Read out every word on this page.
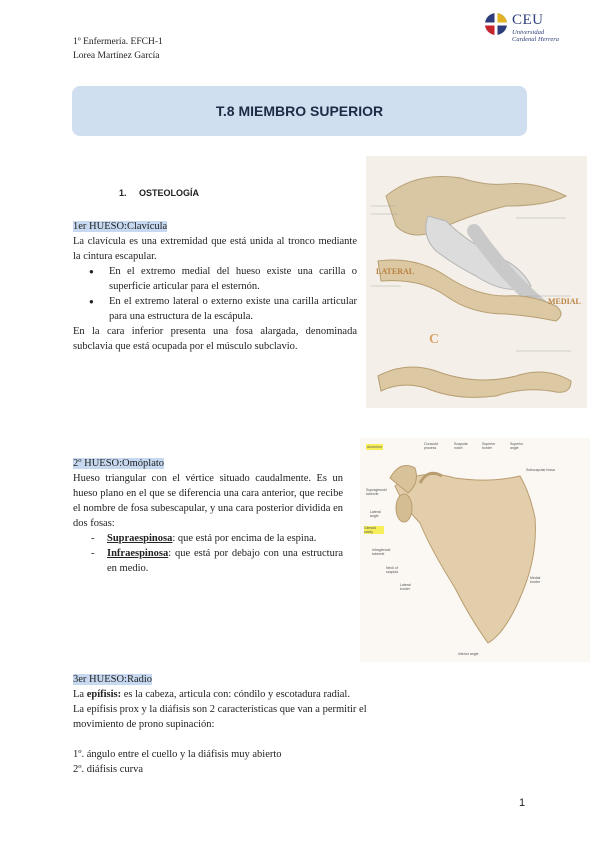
1º Enfermería. EFCH-1
Lorea Martínez García
CEU
Universidad
Cardenal Herrera
T.8 MIEMBRO SUPERIOR
1. OSTEOLOGÍA

1er HUESO:Clavícula

La clavícula es una extremidad que está unida al tronco mediante la cintura escapular.

● En el extremo medial del hueso existe una carilla o superficie articular para el esternón.
● En el extremo lateral o externo existe una carilla articular para una estructura de la escápula.

En la cara inferior presenta una fosa alargada, denominada subclavia que está ocupada por el músculo subclavio.

LATERAL
MEDIAL
C

2º HUESO:Omóplato

Hueso triangular con el vértice situado caudalmente. Es un hueso plano en el que se diferencia una cara anterior, que recibe el nombre de fosa subescapular, y una cara posterior dividida en dos fosas:

- Supraespinosa: que está por encima de la espina.
- Infraespinosa: que está por debajo con una estructura en medio.
Acromion
Coracoid process
Scapular notch
Superior border
Superior angle
Subscapular fossa
Supraglenoid tubercle
Lateral angle
Glenoid cavity
Infraglenoid tubercle
Neck of scapula
Lateral border
Medial border
Inferior angle

3er HUESO:Radio

La epífisis: es la cabeza, articula con: cóndilo y escotadura radial.

La epífisis prox y la diáfisis son 2 características que van a permitir el movimiento de prono supinación:

1º. ángulo entre el cuello y la diáfisis muy abierto

2º. diáfisis curva

1
